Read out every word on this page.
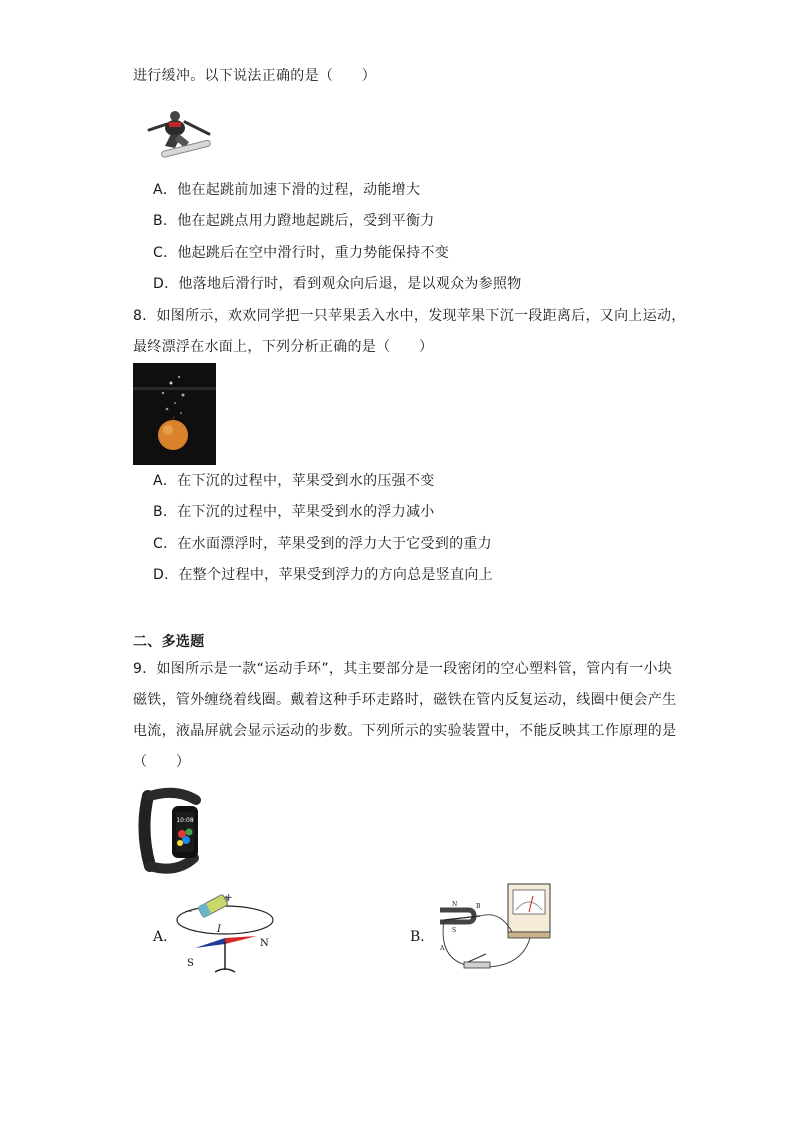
进行缓冲。以下说法正确的是（　　）
A．他在起跳前加速下滑的过程，动能增大
B．他在起跳点用力蹬地起跳后，受到平衡力
C．他起跳后在空中滑行时，重力势能保持不变
D．他落地后滑行时，看到观众向后退，是以观众为参照物
8．如图所示，欢欢同学把一只苹果丢入水中，发现苹果下沉一段距离后，又向上运动，
最终漂浮在水面上，下列分析正确的是（　　）
A．在下沉的过程中，苹果受到水的压强不变
B．在下沉的过程中，苹果受到水的浮力减小
C．在水面漂浮时，苹果受到的浮力大于它受到的重力
D．在整个过程中，苹果受到浮力的方向总是竖直向上
二、多选题
9．如图所示是一款“运动手环”，其主要部分是一段密闭的空心塑料管，管内有一小块
磁铁，管外缠绕着线圈。戴着这种手环走路时，磁铁在管内反复运动，线圈中便会产生
电流，液晶屏就会显示运动的步数。下列所示的实验装置中，不能反映其工作原理的是
（　　）
10:08
A．
+
−
I
N
S
B．
N
S
A
B
